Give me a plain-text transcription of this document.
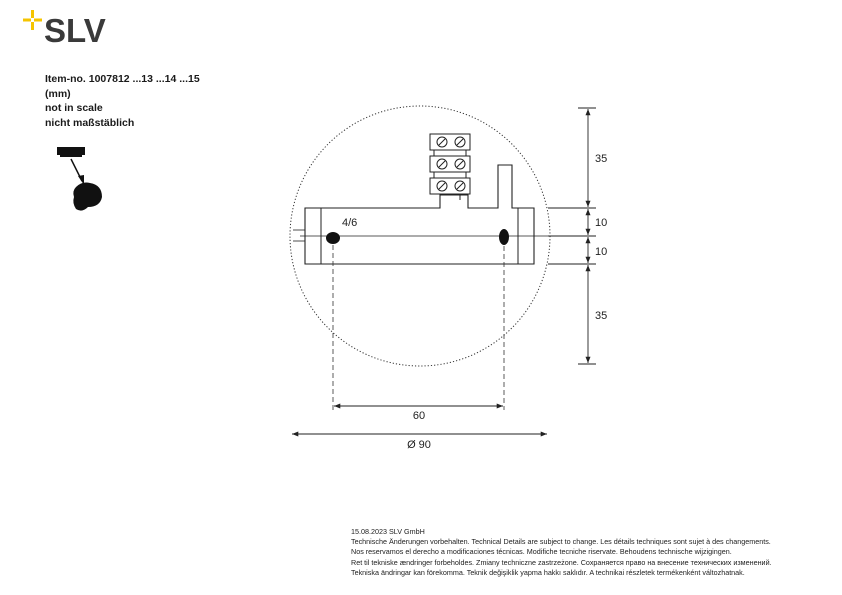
SLV
Item-no. 1007812 ...13 ...14 ...15
(mm)
not in scale
nicht maßstäblich
4/6
60
Ø 90
35
10
10
35
15.08.2023 SLV GmbH
Technische Änderungen vorbehalten. Technical Details are subject to change. Les détails techniques sont sujet à des changements.
Nos reservamos el derecho a modificaciones técnicas. Modifiche tecniche riservate. Behoudens technische wijzigingen.
Ret til tekniske ændringer forbeholdes. Zmiany techniczne zastrzeżone. Сохраняется право на внесение технических изменений.
Tekniska ändringar kan förekomma. Teknik değişiklik yapma hakkı saklıdır. A technikai részletek termékenként változhatnak.
